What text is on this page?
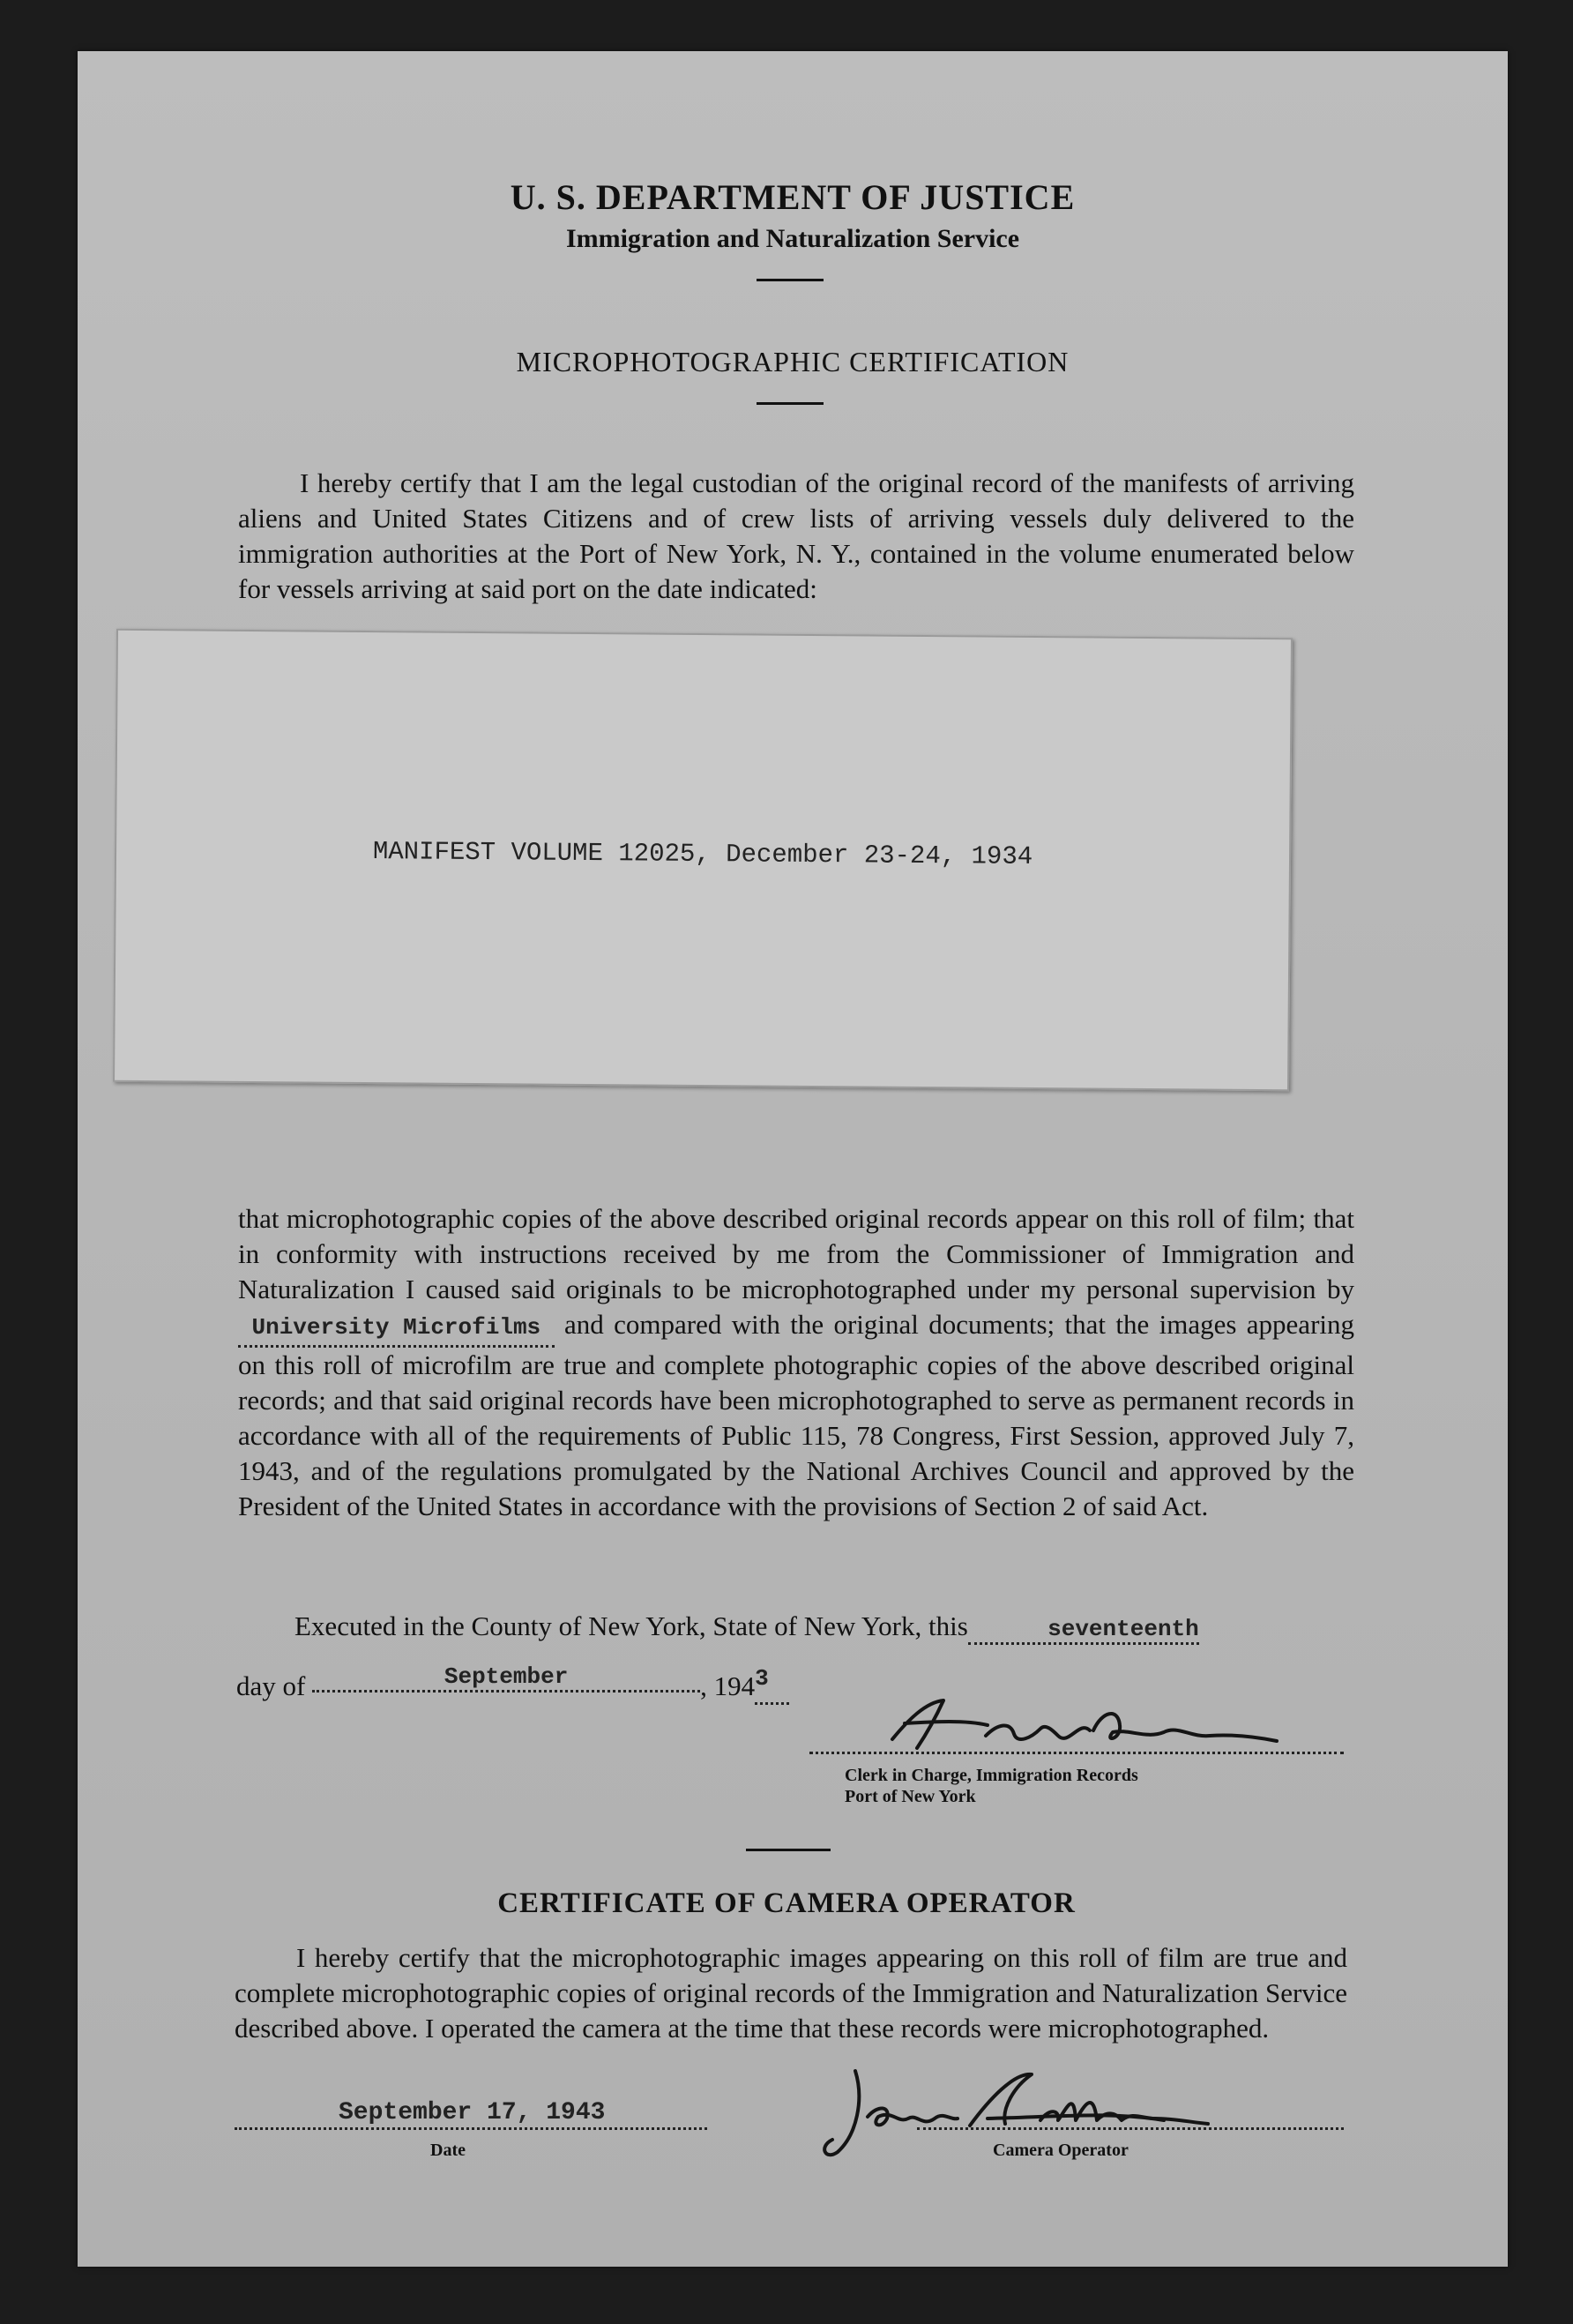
U. S. DEPARTMENT OF JUSTICE
Immigration and Naturalization Service
MICROPHOTOGRAPHIC CERTIFICATION
I hereby certify that I am the legal custodian of the original record of the manifests of arriving aliens and United States Citizens and of crew lists of arriving vessels duly delivered to the immigration authorities at the Port of New York, N. Y., contained in the volume enumerated below for vessels arriving at said port on the date indicated:
MANIFEST VOLUME 12025, December 23-24, 1934
that microphotographic copies of the above described original records appear on this roll of film; that in conformity with instructions received by me from the Commissioner of Immigration and Naturalization I caused said originals to be microphotographed under my personal supervision by   University Microfilms and compared with the original documents; that the images appearing on this roll of microfilm are true and complete photographic copies of the above described original records; and that said original records have been microphotographed to serve as permanent records in accordance with all of the requirements of Public 115, 78 Congress, First Session, approved July 7, 1943, and of the regulations promulgated by the National Archives Council and approved by the President of the United States in accordance with the provisions of Section 2 of said Act.
Executed in the County of New York, State of New York, this	seventeenth
day of	September	, $194^3$
Clerk in Charge, Immigration Records
Port of New York
CERTIFICATE OF CAMERA OPERATOR
I hereby certify that the microphotographic images appearing on this roll of film are true and complete microphotographic copies of original records of the Immigration and Naturalization Service described above. I operated the camera at the time that these records were microphotographed.
September 17, 1943
Date	Camera Operator
